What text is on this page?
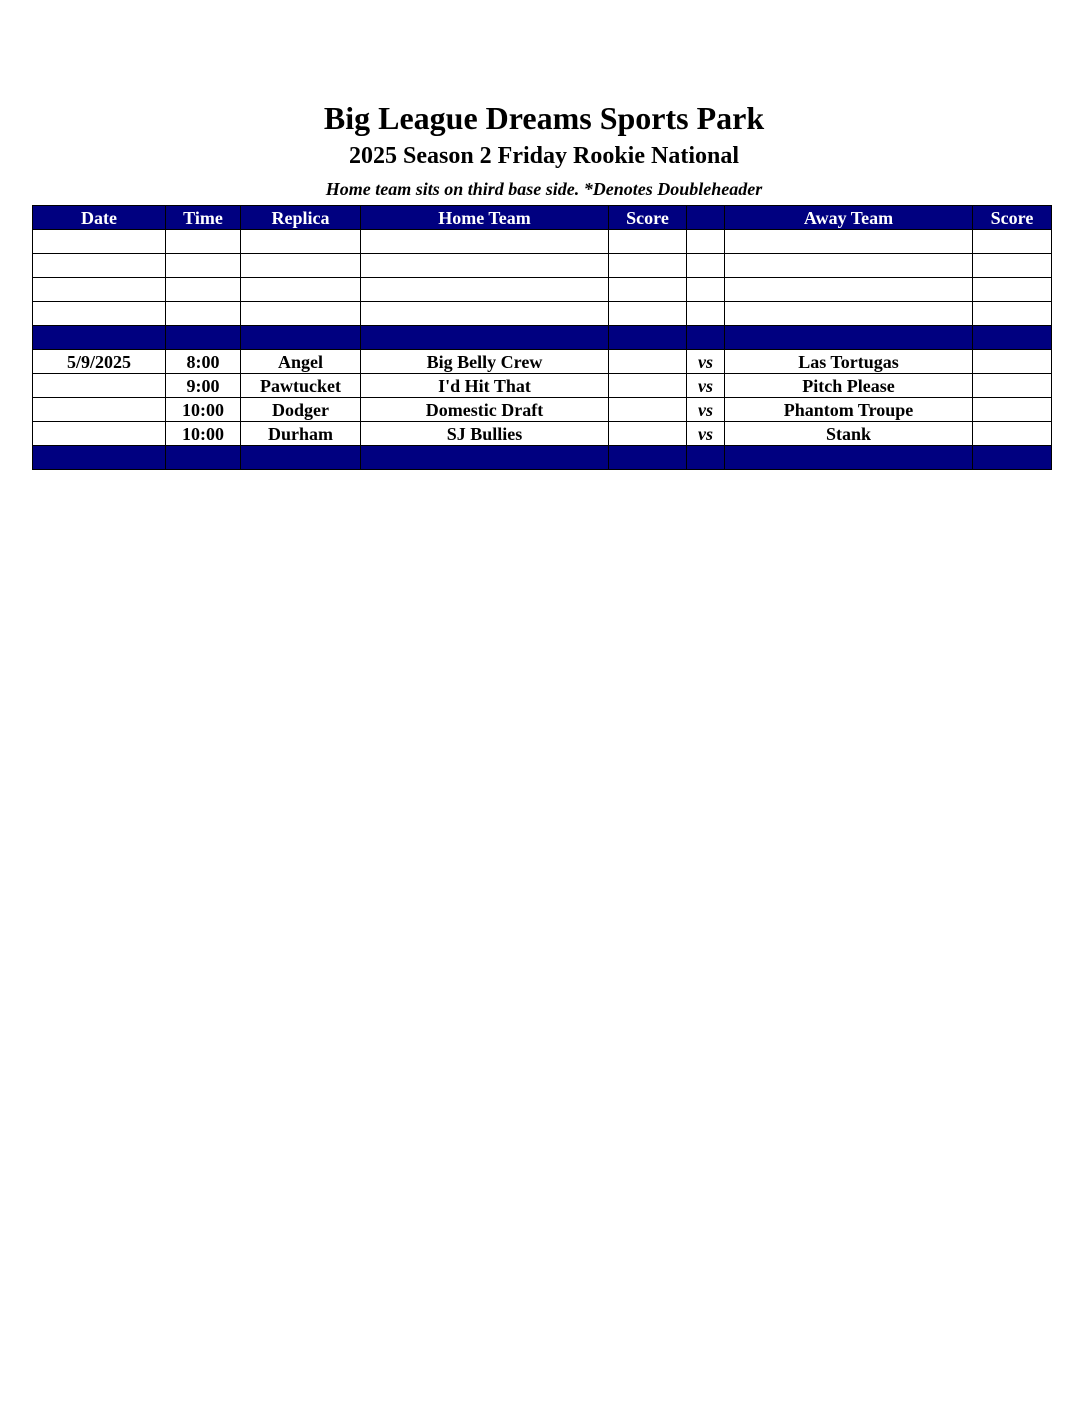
Big League Dreams Sports Park
2025 Season 2 Friday Rookie National
Home team sits on third base side. *Denotes Doubleheader
Date	Time	Replica	Home Team	Score		Away Team	Score

5/9/2025	8:00	Angel	Big Belly Crew		vs	Las Tortugas	
	9:00	Pawtucket	I'd Hit That		vs	Pitch Please	
	10:00	Dodger	Domestic Draft		vs	Phantom Troupe	
	10:00	Durham	SJ Bullies		vs	Stank	
